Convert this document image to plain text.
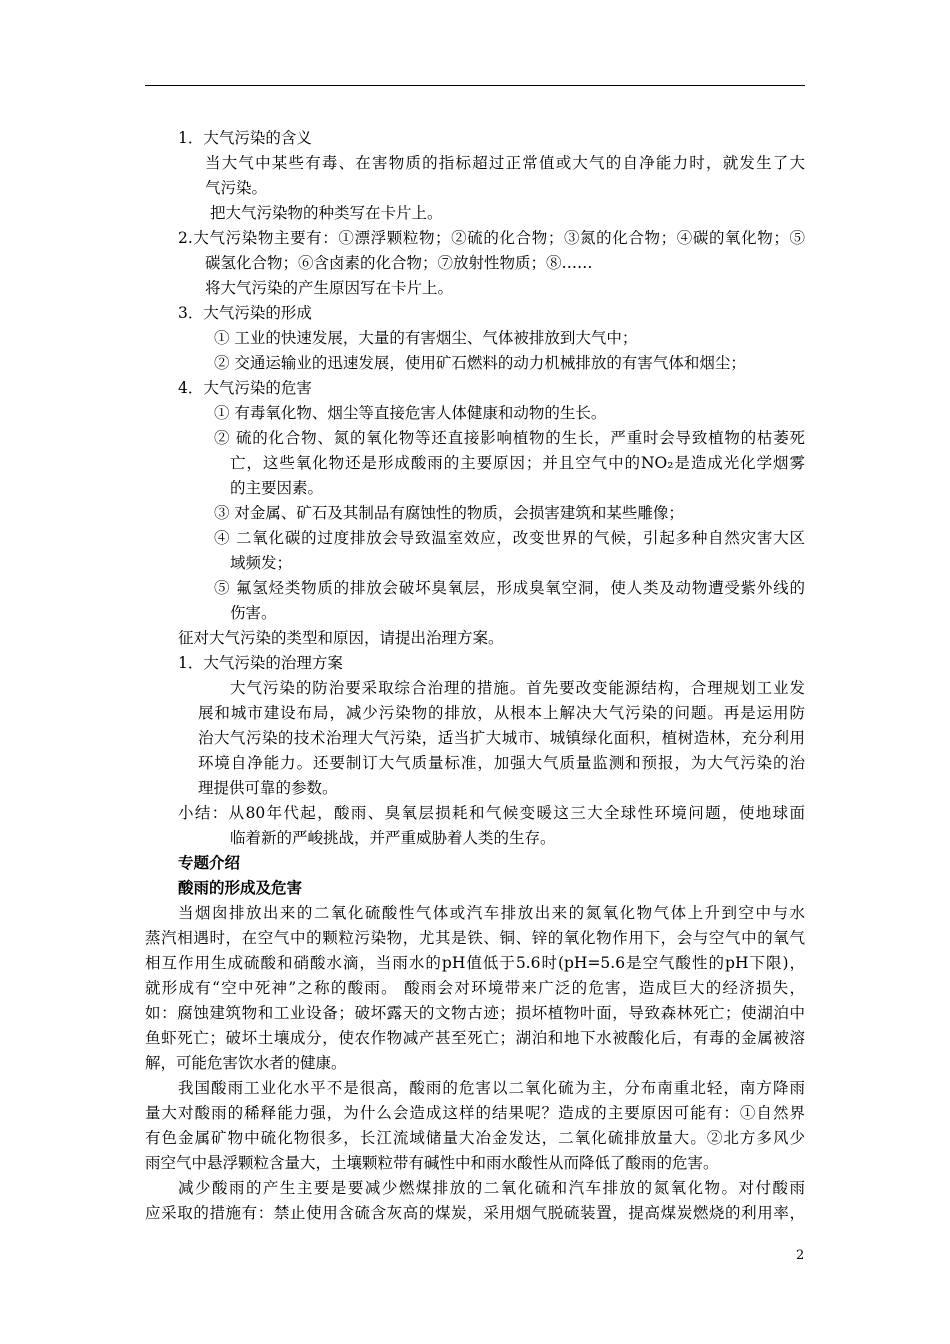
1．大气污染的含义
当大气中某些有毒、在害物质的指标超过正常值或大气的自净能力时，就发生了大
气污染。
把大气污染物的种类写在卡片上。
2.大气污染物主要有：①漂浮颗粒物；②硫的化合物；③氮的化合物；④碳的氧化物；⑤
碳氢化合物；⑥含卤素的化合物；⑦放射性物质；⑧……
将大气污染的产生原因写在卡片上。
3．大气污染的形成
① 工业的快速发展，大量的有害烟尘、气体被排放到大气中；
② 交通运输业的迅速发展，使用矿石燃料的动力机械排放的有害气体和烟尘；
4．大气污染的危害
① 有毒氧化物、烟尘等直接危害人体健康和动物的生长。
② 硫的化合物、氮的氧化物等还直接影响植物的生长，严重时会导致植物的枯萎死
亡，这些氧化物还是形成酸雨的主要原因；并且空气中的NO₂是造成光化学烟雾
的主要因素。
③ 对金属、矿石及其制品有腐蚀性的物质，会损害建筑和某些雕像；
④ 二氧化碳的过度排放会导致温室效应，改变世界的气候，引起多种自然灾害大区
域频发；
⑤ 氟氢烃类物质的排放会破坏臭氧层，形成臭氧空洞，使人类及动物遭受紫外线的
伤害。
征对大气污染的类型和原因，请提出治理方案。
1．大气污染的治理方案
大气污染的防治要采取综合治理的措施。首先要改变能源结构，合理规划工业发
展和城市建设布局，减少污染物的排放，从根本上解决大气污染的问题。再是运用防
治大气污染的技术治理大气污染，适当扩大城市、城镇绿化面积，植树造林，充分利用
环境自净能力。还要制订大气质量标准，加强大气质量监测和预报，为大气污染的治
理提供可靠的参数。
小结：从80年代起，酸雨、臭氧层损耗和气候变暖这三大全球性环境问题，使地球面
临着新的严峻挑战，并严重威胁着人类的生存。
专题介绍
酸雨的形成及危害
当烟囱排放出来的二氧化硫酸性气体或汽车排放出来的氮氧化物气体上升到空中与水
蒸汽相遇时，在空气中的颗粒污染物，尤其是铁、铜、锌的氧化物作用下，会与空气中的氧气
相互作用生成硫酸和硝酸水滴，当雨水的pH值低于5.6时(pH=5.6是空气酸性的pH下限)，
就形成有“空中死神”之称的酸雨。 酸雨会对环境带来广泛的危害，造成巨大的经济损失，
如：腐蚀建筑物和工业设备；破坏露天的文物古迹；损坏植物叶面，导致森林死亡；使湖泊中
鱼虾死亡；破坏土壤成分，使农作物减产甚至死亡；湖泊和地下水被酸化后，有毒的金属被溶
解，可能危害饮水者的健康。
我国酸雨工业化水平不是很高，酸雨的危害以二氧化硫为主，分布南重北轻，南方降雨
量大对酸雨的稀释能力强，为什么会造成这样的结果呢？造成的主要原因可能有：①自然界
有色金属矿物中硫化物很多，长江流域储量大冶金发达，二氧化硫排放量大。②北方多风少
雨空气中悬浮颗粒含量大，土壤颗粒带有碱性中和雨水酸性从而降低了酸雨的危害。
减少酸雨的产生主要是要减少燃煤排放的二氧化硫和汽车排放的氮氧化物。对付酸雨
应采取的措施有：禁止使用含硫含灰高的煤炭，采用烟气脱硫装置，提高煤炭燃烧的利用率，
2
